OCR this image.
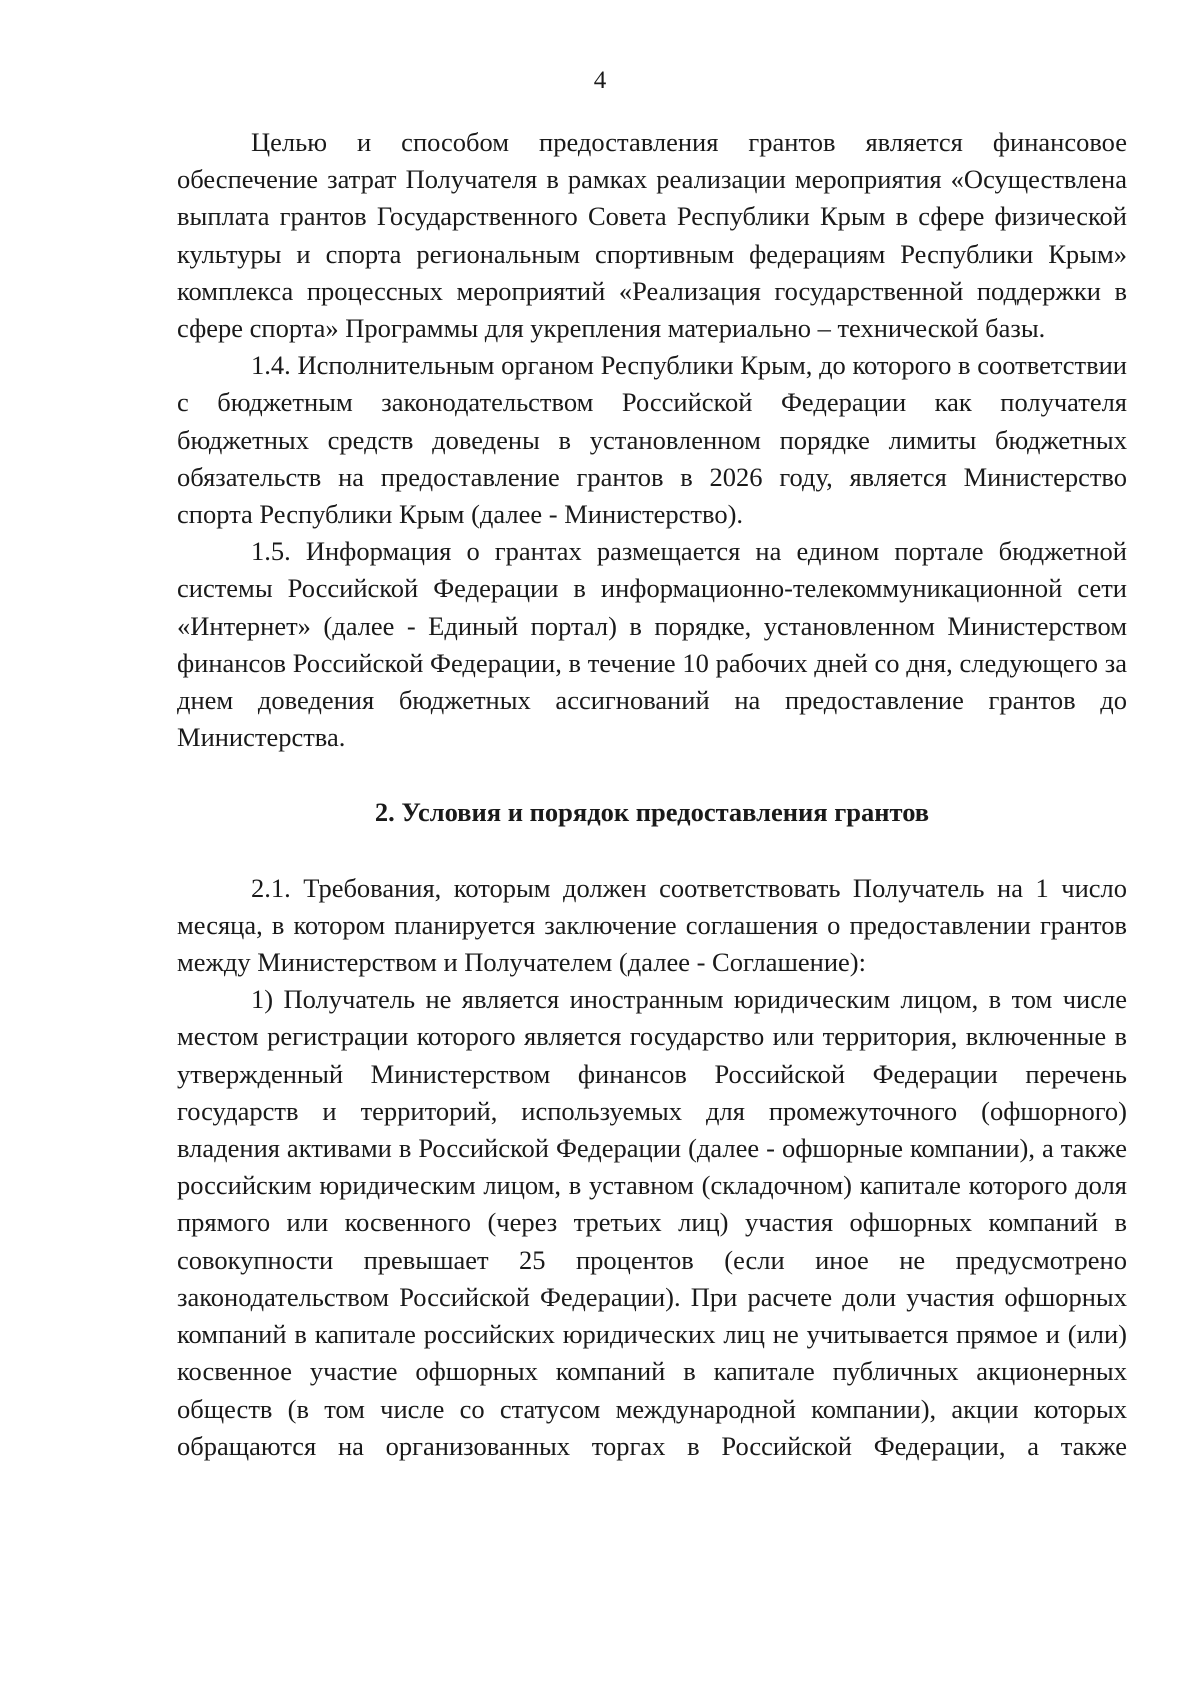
4

Целью и способом предоставления грантов является финансовое обеспечение затрат Получателя в рамках реализации мероприятия «Осуществлена выплата грантов Государственного Совета Республики Крым в сфере физической культуры и спорта региональным спортивным федерациям Республики Крым» комплекса процессных мероприятий «Реализация государственной поддержки в сфере спорта» Программы для укрепления материально – технической базы.

1.4. Исполнительным органом Республики Крым, до которого в соответствии с бюджетным законодательством Российской Федерации как получателя бюджетных средств доведены в установленном порядке лимиты бюджетных обязательств на предоставление грантов в 2026 году, является Министерство спорта Республики Крым (далее - Министерство).

1.5. Информация о грантах размещается на едином портале бюджетной системы Российской Федерации в информационно-телекоммуникационной сети «Интернет» (далее - Единый портал) в порядке, установленном Министерством финансов Российской Федерации, в течение 10 рабочих дней со дня, следующего за днем доведения бюджетных ассигнований на предоставление грантов до Министерства.

2. Условия и порядок предоставления грантов

2.1. Требования, которым должен соответствовать Получатель на 1 число месяца, в котором планируется заключение соглашения о предоставлении грантов между Министерством и Получателем (далее - Соглашение):

1) Получатель не является иностранным юридическим лицом, в том числе местом регистрации которого является государство или территория, включенные в утвержденный Министерством финансов Российской Федерации перечень государств и территорий, используемых для промежуточного (офшорного) владения активами в Российской Федерации (далее - офшорные компании), а также российским юридическим лицом, в уставном (складочном) капитале которого доля прямого или косвенного (через третьих лиц) участия офшорных компаний в совокупности превышает 25 процентов (если иное не предусмотрено законодательством Российской Федерации). При расчете доли участия офшорных компаний в капитале российских юридических лиц не учитывается прямое и (или) косвенное участие офшорных компаний в капитале публичных акционерных обществ (в том числе со статусом международной компании), акции которых обращаются на организованных торгах в Российской Федерации, а также
